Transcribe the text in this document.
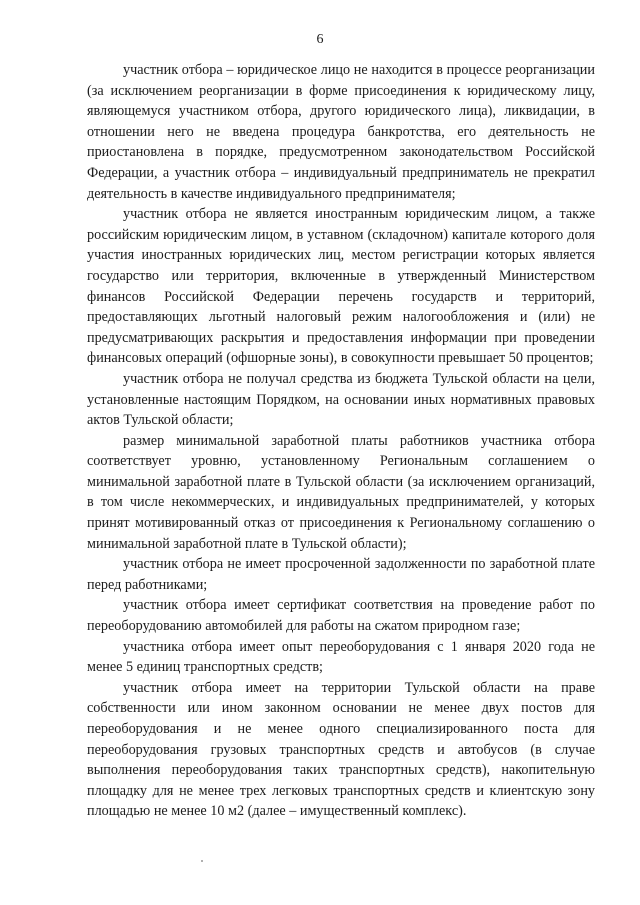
6

участник отбора – юридическое лицо не находится в процессе реорганизации (за исключением реорганизации в форме присоединения к юридическому лицу, являющемуся участником отбора, другого юридического лица), ликвидации, в отношении него не введена процедура банкротства, его деятельность не приостановлена в порядке, предусмотренном законодательством Российской Федерации, а участник отбора – индивидуальный предприниматель не прекратил деятельность в качестве индивидуального предпринимателя;

участник отбора не является иностранным юридическим лицом, а также российским юридическим лицом, в уставном (складочном) капитале которого доля участия иностранных юридических лиц, местом регистрации которых является государство или территория, включенные в утвержденный Министерством финансов Российской Федерации перечень государств и территорий, предоставляющих льготный налоговый режим налогообложения и (или) не предусматривающих раскрытия и предоставления информации при проведении финансовых операций (офшорные зоны), в совокупности превышает 50 процентов;

участник отбора не получал средства из бюджета Тульской области на цели, установленные настоящим Порядком, на основании иных нормативных правовых актов Тульской области;

размер минимальной заработной платы работников участника отбора соответствует уровню, установленному Региональным соглашением о минимальной заработной плате в Тульской области (за исключением организаций, в том числе некоммерческих, и индивидуальных предпринимателей, у которых принят мотивированный отказ от присоединения к Региональному соглашению о минимальной заработной плате в Тульской области);

участник отбора не имеет просроченной задолженности по заработной плате перед работниками;

участник отбора имеет сертификат соответствия на проведение работ по переоборудованию автомобилей для работы на сжатом природном газе;

участника отбора имеет опыт переоборудования с 1 января 2020 года не менее 5 единиц транспортных средств;

участник отбора имеет на территории Тульской области на праве собственности или ином законном основании не менее двух постов для переоборудования и не менее одного специализированного поста для переоборудования грузовых транспортных средств и автобусов (в случае выполнения переоборудования таких транспортных средств), накопительную площадку для не менее трех легковых транспортных средств и клиентскую зону площадью не менее 10 м2 (далее – имущественный комплекс).
